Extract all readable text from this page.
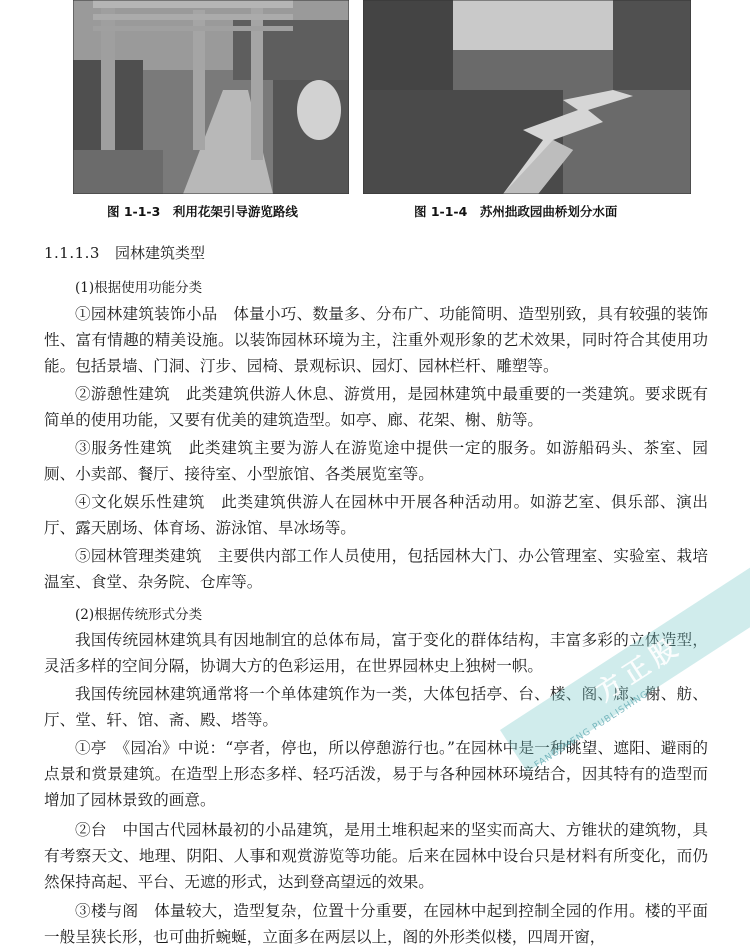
图 1-1-3　利用花架引导游览路线	图 1-1-4　苏州拙政园曲桥划分水面
1.1.1.3　 园林建筑类型
(1)根据使用功能分类

①园林建筑装饰小品　体量小巧、数量多、分布广、功能简明、造型别致，具有较强的装饰性、富有情趣的精美设施。以装饰园林环境为主，注重外观形象的艺术效果，同时符合其使用功能。包括景墙、门洞、汀步、园椅、景观标识、园灯、园林栏杆、雕塑等。

②游憩性建筑　此类建筑供游人休息、游赏用，是园林建筑中最重要的一类建筑。要求既有简单的使用功能，又要有优美的建筑造型。如亭、廊、花架、榭、舫等。

③服务性建筑　此类建筑主要为游人在游览途中提供一定的服务。如游船码头、茶室、园厕、小卖部、餐厅、接待室、小型旅馆、各类展览室等。

④文化娱乐性建筑　此类建筑供游人在园林中开展各种活动用。如游艺室、俱乐部、演出厅、露天剧场、体育场、游泳馆、旱冰场等。

⑤园林管理类建筑　主要供内部工作人员使用，包括园林大门、办公管理室、实验室、栽培温室、食堂、杂务院、仓库等。

(2)根据传统形式分类

我国传统园林建筑具有因地制宜的总体布局，富于变化的群体结构，丰富多彩的立体造型，灵活多样的空间分隔，协调大方的色彩运用，在世界园林史上独树一帜。

我国传统园林建筑通常将一个单体建筑作为一类，大体包括亭、台、楼、阁、廊、榭、舫、厅、堂、轩、馆、斋、殿、塔等。

①亭　《园冶》中说：“亭者，停也，所以停憩游行也。”在园林中是一种眺望、遮阳、避雨的点景和赏景建筑。在造型上形态多样、轻巧活泼，易于与各种园林环境结合，因其特有的造型而增加了园林景致的画意。

②台　中国古代园林最初的小品建筑，是用土堆积起来的坚实而高大、方锥状的建筑物，具有考察天文、地理、阴阳、人事和观赏游览等功能。后来在园林中设台只是材料有所变化，而仍然保持高起、平台、无遮的形式，达到登高望远的效果。

③楼与阁　体量较大，造型复杂，位置十分重要，在园林中起到控制全园的作用。楼的平面一般呈狭长形，也可曲折蜿蜒，立面多在两层以上，阁的外形类似楼，四周开窗，

方正股
FANGZHENG PUBLISHING
